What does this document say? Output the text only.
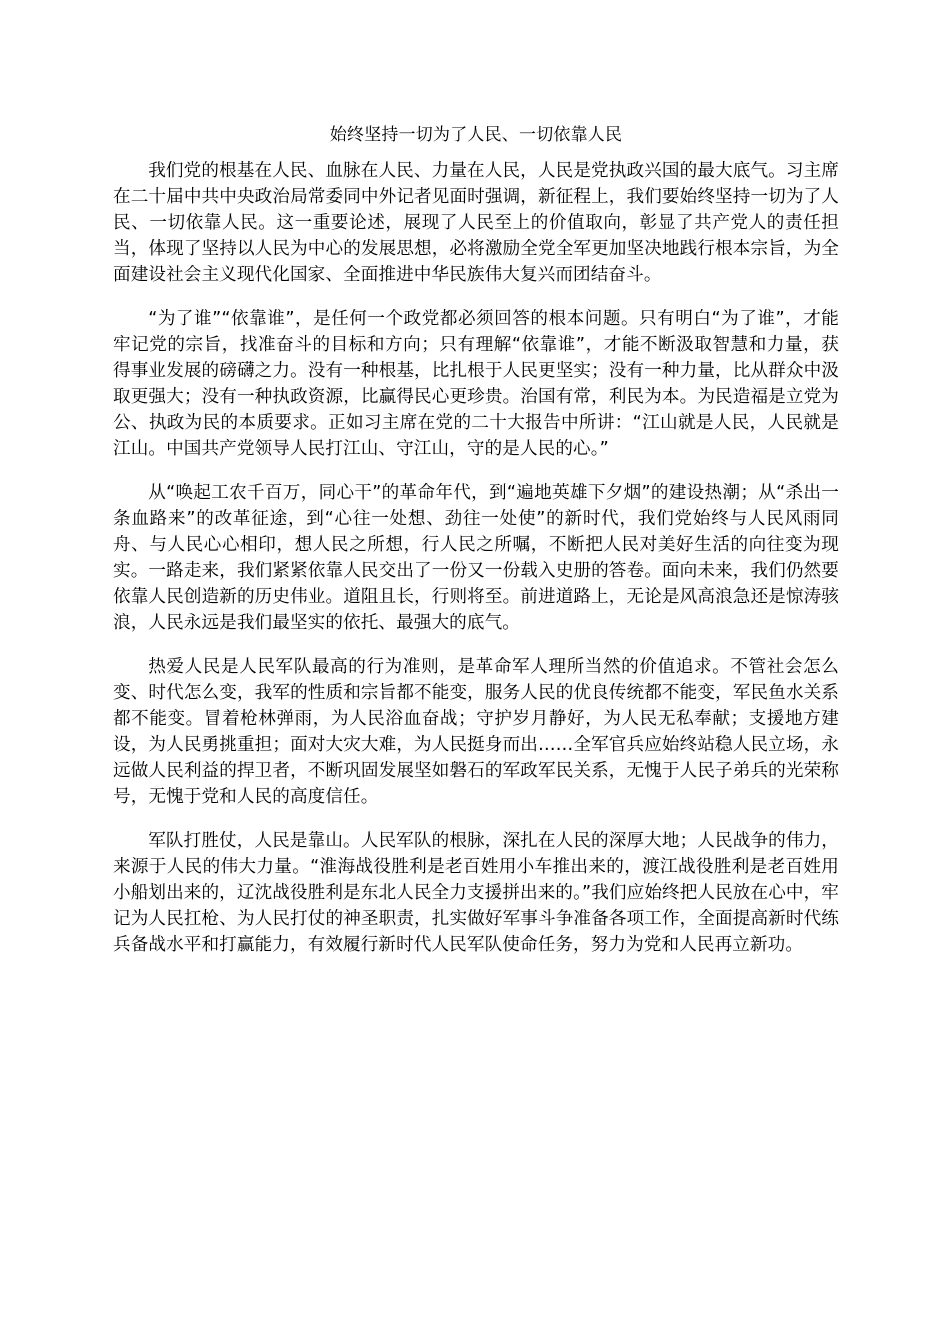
始终坚持一切为了人民、一切依靠人民

我们党的根基在人民、血脉在人民、力量在人民，人民是党执政兴国的最大底气。习主席在二十届中共中央政治局常委同中外记者见面时强调，新征程上，我们要始终坚持一切为了人民、一切依靠人民。这一重要论述，展现了人民至上的价值取向，彰显了共产党人的责任担当，体现了坚持以人民为中心的发展思想，必将激励全党全军更加坚决地践行根本宗旨，为全面建设社会主义现代化国家、全面推进中华民族伟大复兴而团结奋斗。

“为了谁”“依靠谁”，是任何一个政党都必须回答的根本问题。只有明白“为了谁”，才能牢记党的宗旨，找准奋斗的目标和方向；只有理解“依靠谁”，才能不断汲取智慧和力量，获得事业发展的磅礴之力。没有一种根基，比扎根于人民更坚实；没有一种力量，比从群众中汲取更强大；没有一种执政资源，比赢得民心更珍贵。治国有常，利民为本。为民造福是立党为公、执政为民的本质要求。正如习主席在党的二十大报告中所讲：“江山就是人民，人民就是江山。中国共产党领导人民打江山、守江山，守的是人民的心。”

从“唤起工农千百万，同心干”的革命年代，到“遍地英雄下夕烟”的建设热潮；从“杀出一条血路来”的改革征途，到“心往一处想、劲往一处使”的新时代，我们党始终与人民风雨同舟、与人民心心相印，想人民之所想，行人民之所嘱，不断把人民对美好生活的向往变为现实。一路走来，我们紧紧依靠人民交出了一份又一份载入史册的答卷。面向未来，我们仍然要依靠人民创造新的历史伟业。道阻且长，行则将至。前进道路上，无论是风高浪急还是惊涛骇浪，人民永远是我们最坚实的依托、最强大的底气。

热爱人民是人民军队最高的行为准则，是革命军人理所当然的价值追求。不管社会怎么变、时代怎么变，我军的性质和宗旨都不能变，服务人民的优良传统都不能变，军民鱼水关系都不能变。冒着枪林弹雨，为人民浴血奋战；守护岁月静好，为人民无私奉献；支援地方建设，为人民勇挑重担；面对大灾大难，为人民挺身而出……全军官兵应始终站稳人民立场，永远做人民利益的捍卫者，不断巩固发展坚如磐石的军政军民关系，无愧于人民子弟兵的光荣称号，无愧于党和人民的高度信任。

军队打胜仗，人民是靠山。人民军队的根脉，深扎在人民的深厚大地；人民战争的伟力，来源于人民的伟大力量。“淮海战役胜利是老百姓用小车推出来的，渡江战役胜利是老百姓用小船划出来的，辽沈战役胜利是东北人民全力支援拼出来的。”我们应始终把人民放在心中，牢记为人民扛枪、为人民打仗的神圣职责，扎实做好军事斗争准备各项工作，全面提高新时代练兵备战水平和打赢能力，有效履行新时代人民军队使命任务，努力为党和人民再立新功。
